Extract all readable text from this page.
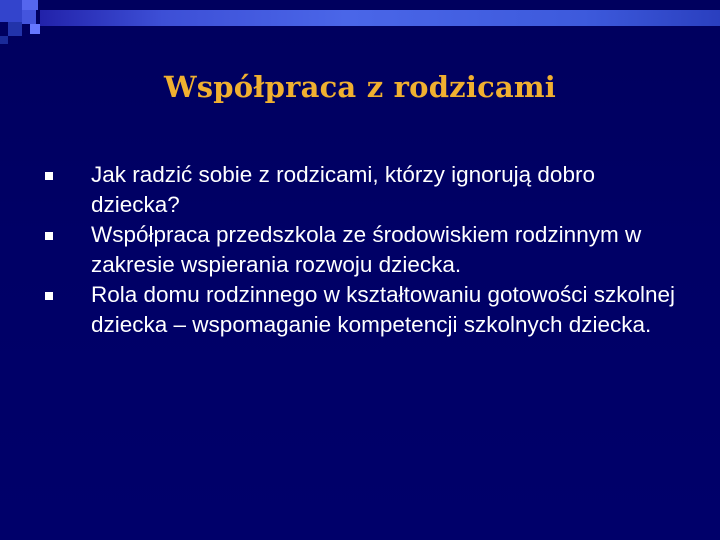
Współpraca z rodzicami
Jak radzić sobie z rodzicami, którzy ignorują dobro dziecka?
Współpraca przedszkola ze środowiskiem rodzinnym w zakresie wspierania rozwoju dziecka.
Rola domu rodzinnego w kształtowaniu gotowości szkolnej dziecka – wspomaganie kompetencji szkolnych dziecka.
